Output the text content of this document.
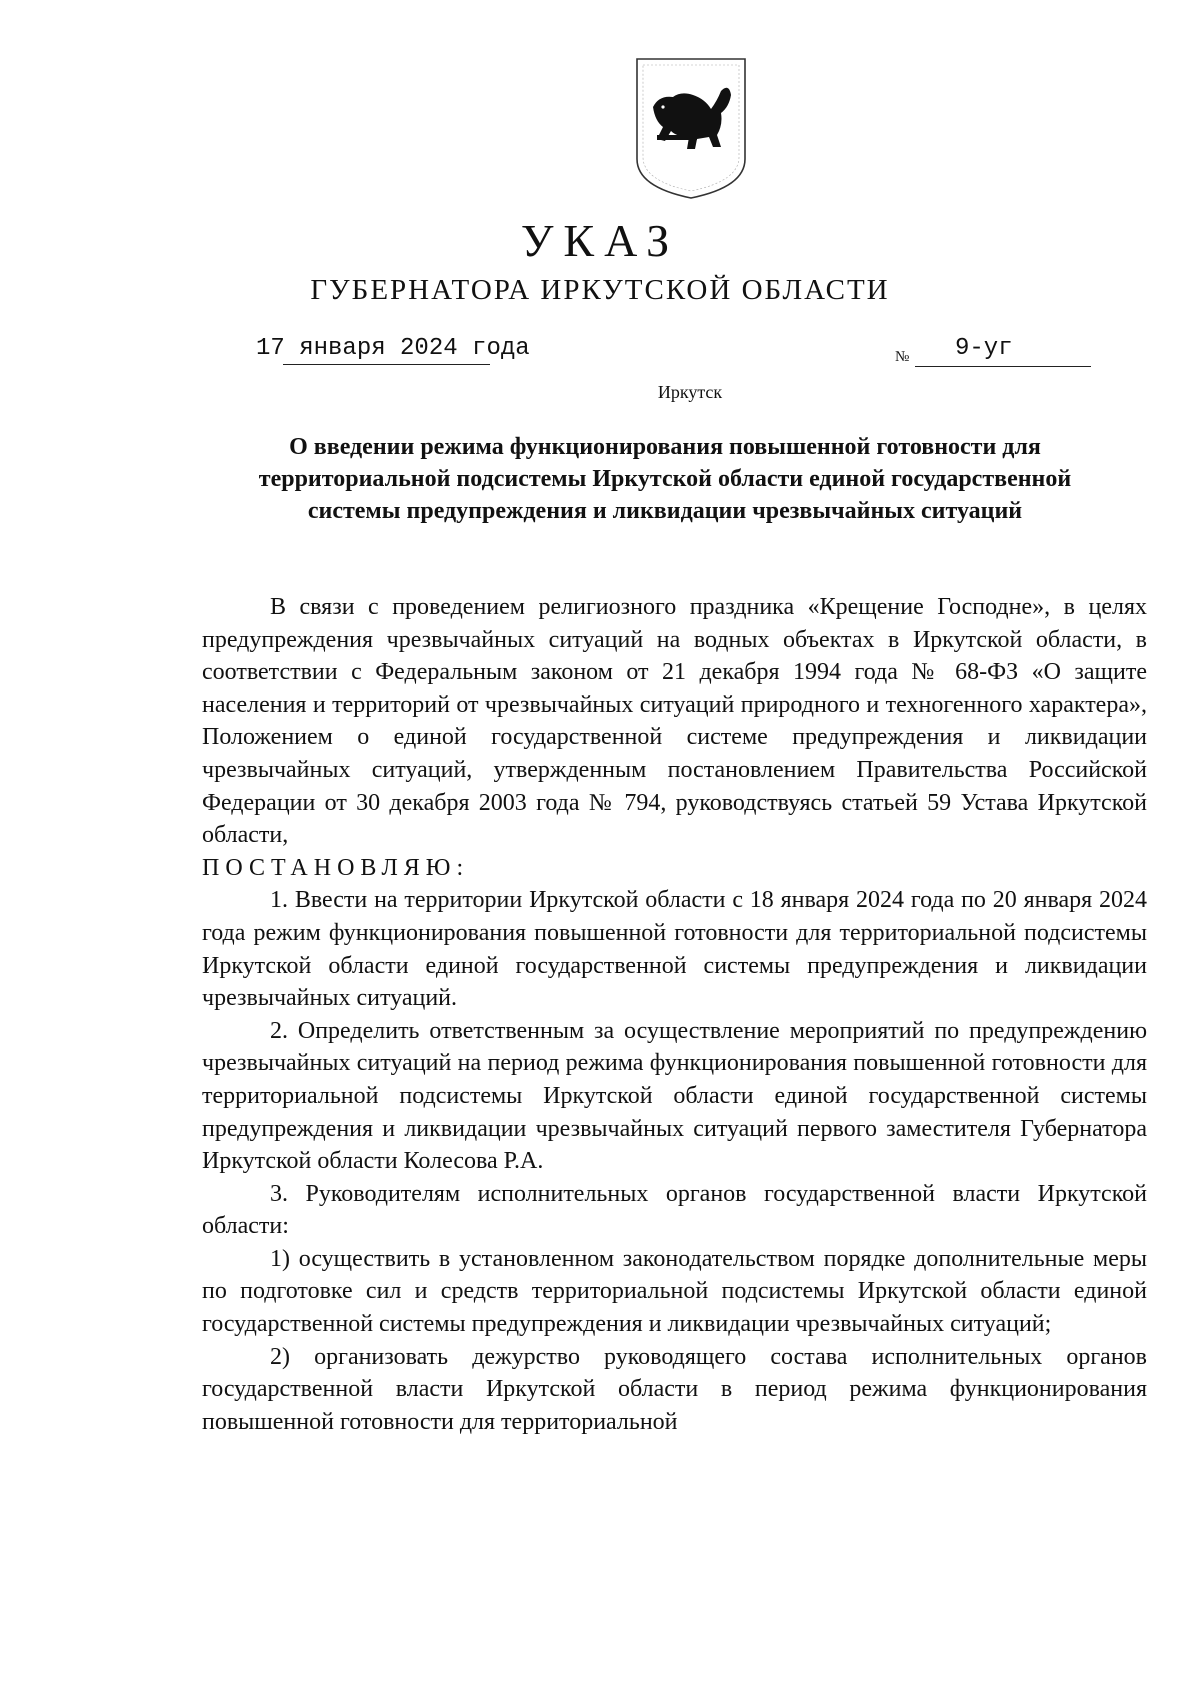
УКАЗ
ГУБЕРНАТОРА ИРКУТСКОЙ ОБЛАСТИ
17 января 2024 года	№ 9-уг
Иркутск
О введении режима функционирования повышенной готовности для территориальной подсистемы Иркутской области единой государственной системы предупреждения и ликвидации чрезвычайных ситуаций

В связи с проведением религиозного праздника «Крещение Господне», в целях предупреждения чрезвычайных ситуаций на водных объектах в Иркутской области, в соответствии с Федеральным законом от 21 декабря 1994 года № 68-ФЗ «О защите населения и территорий от чрезвычайных ситуаций природного и техногенного характера», Положением о единой государственной системе предупреждения и ликвидации чрезвычайных ситуаций, утвержденным постановлением Правительства Российской Федерации от 30 декабря 2003 года № 794, руководствуясь статьей 59 Устава Иркутской области,

ПОСТАНОВЛЯЮ:

1. Ввести на территории Иркутской области с 18 января 2024 года по 20 января 2024 года режим функционирования повышенной готовности для территориальной подсистемы Иркутской области единой государственной системы предупреждения и ликвидации чрезвычайных ситуаций.

2. Определить ответственным за осуществление мероприятий по предупреждению чрезвычайных ситуаций на период режима функционирования повышенной готовности для территориальной подсистемы Иркутской области единой государственной системы предупреждения и ликвидации чрезвычайных ситуаций первого заместителя Губернатора Иркутской области Колесова Р.А.

3. Руководителям исполнительных органов государственной власти Иркутской области:

1) осуществить в установленном законодательством порядке дополнительные меры по подготовке сил и средств территориальной подсистемы Иркутской области единой государственной системы предупреждения и ликвидации чрезвычайных ситуаций;

2) организовать дежурство руководящего состава исполнительных органов государственной власти Иркутской области в период режима функционирования повышенной готовности для территориальной
